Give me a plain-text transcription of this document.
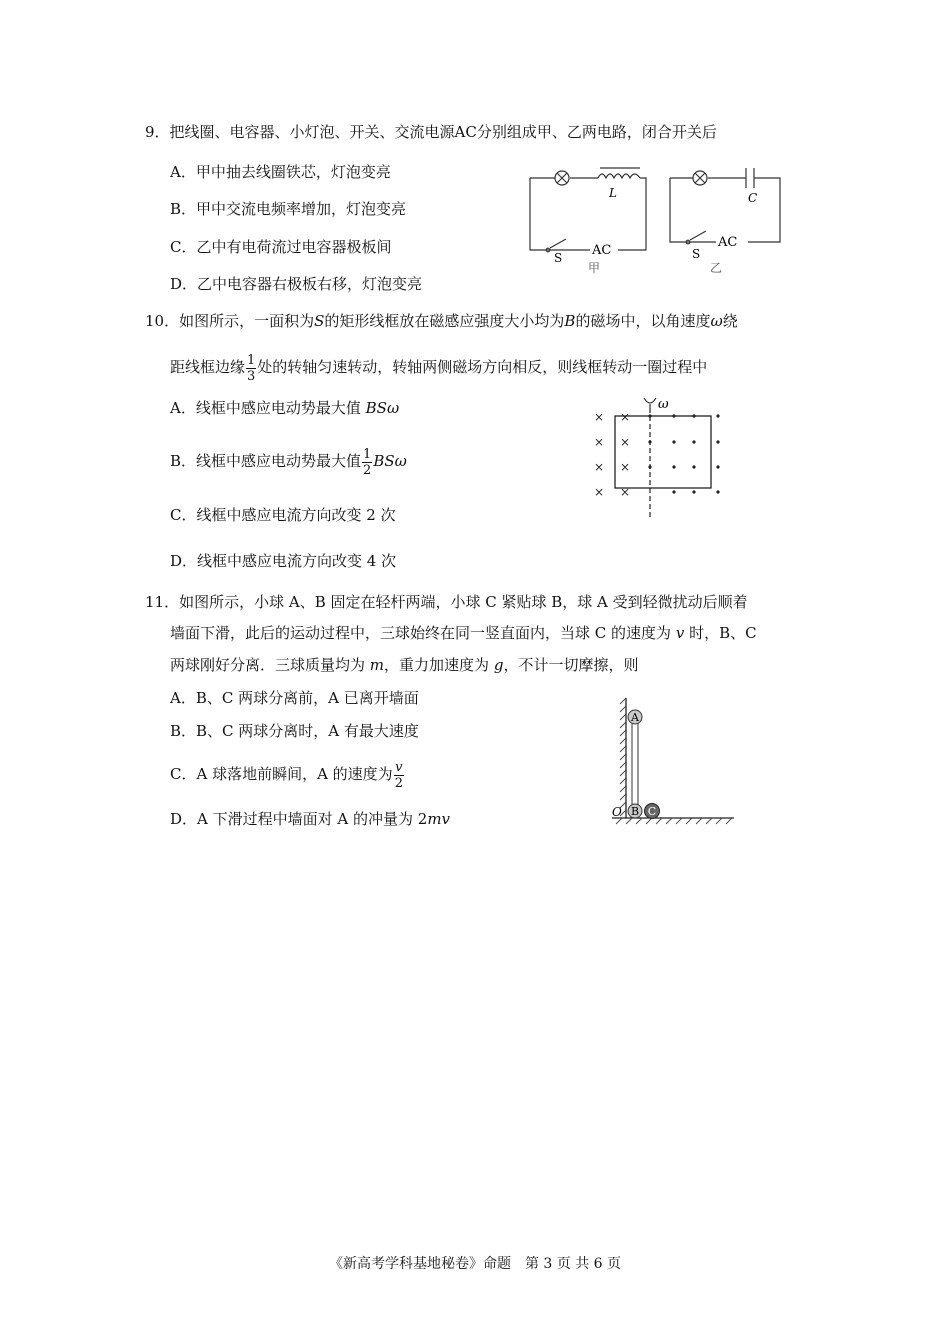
9．把线圈、电容器、小灯泡、开关、交流电源AC分别组成甲、乙两电路，闭合开关后
A．甲中抽去线圈铁芯，灯泡变亮
B．甲中交流电频率增加，灯泡变亮
C．乙中有电荷流过电容器极板间
D．乙中电容器右极板右移，灯泡变亮
L	C
AC
S
甲
AC
S
乙
10．如图所示，一面积为S的矩形线框放在磁感应强度大小均为B的磁场中，以角速度ω绕
距线框边缘 $\frac{1}{3}$ 处的转轴匀速转动，转轴两侧磁场方向相反，则线框转动一圈过程中
A．线框中感应电动势最大值 BSω
B．线框中感应电动势最大值 $\frac{1}{2}$ BSω
C．线框中感应电流方向改变 2 次
D．线框中感应电流方向改变 4 次
ω
× ×
× ×
× ×
× ×
11．如图所示，小球 A、B 固定在轻杆两端，小球 C 紧贴球 B，球 A 受到轻微扰动后顺着
墙面下滑，此后的运动过程中，三球始终在同一竖直面内，当球 C 的速度为 v 时，B、C
两球刚好分离．三球质量均为 m，重力加速度为 g，不计一切摩擦，则
A．B、C 两球分离前，A 已离开墙面
B．B、C 两球分离时，A 有最大速度
C．A 球落地前瞬间，A 的速度为 $\frac{v}{2}$
D．A 下滑过程中墙面对 A 的冲量为 2mv
A
B C
O
《新高考学科基地秘卷》命题　第 3 页 共 6 页
